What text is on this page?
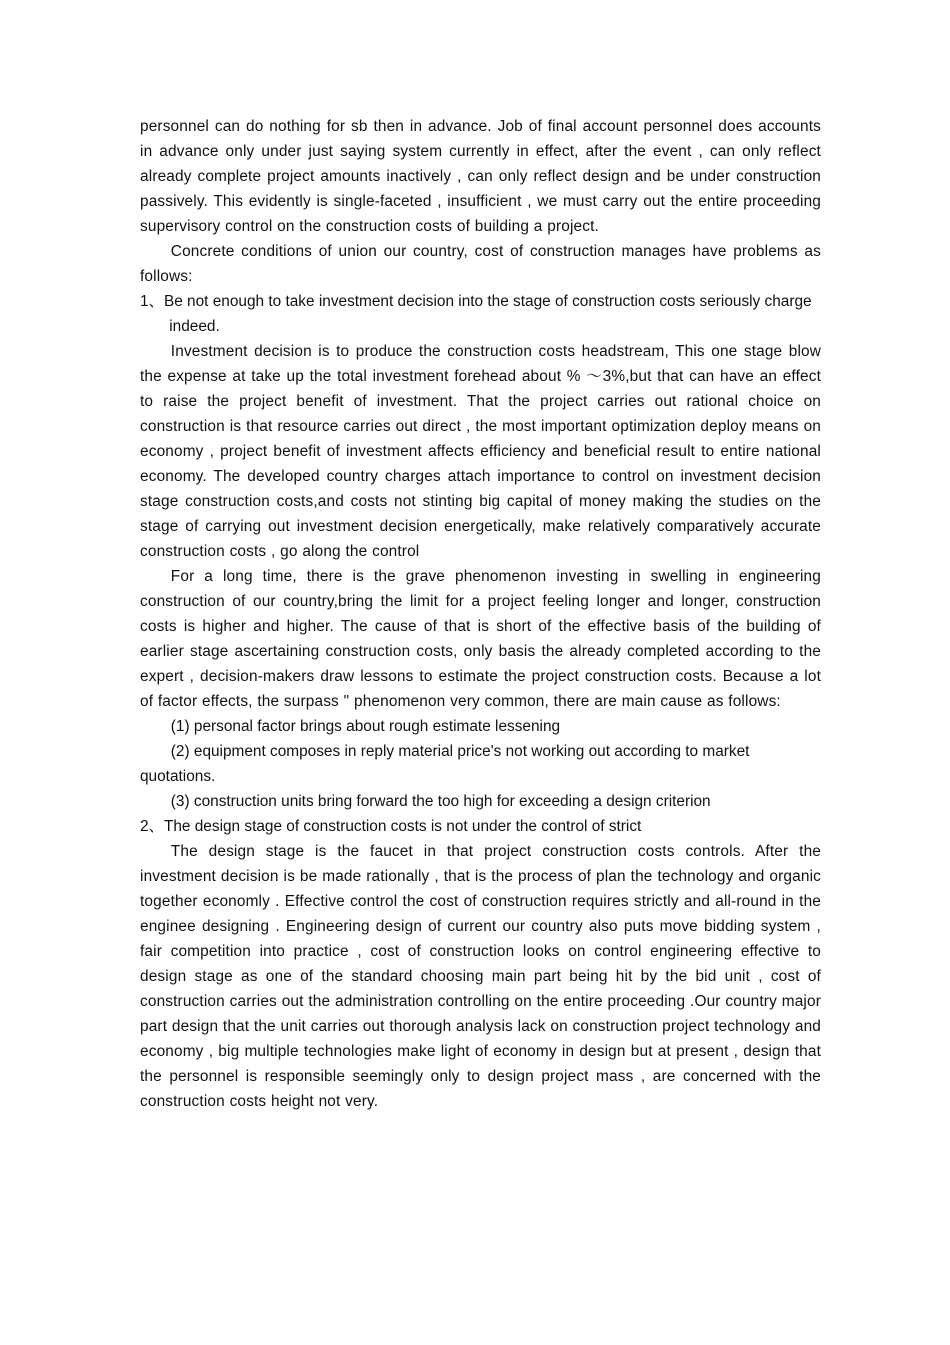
personnel can do nothing for sb then in advance. Job of final account personnel does accounts in advance only under just saying system currently in effect, after the event , can only reflect already complete project amounts inactively , can only reflect design and be under construction passively. This evidently is single-faceted , insufficient , we must carry out the entire proceeding supervisory control on the construction costs of building a project.

Concrete conditions of union our country, cost of construction manages have problems as follows:

1、Be not enough to take investment decision into the stage of construction costs seriously charge indeed.

Investment decision is to produce the construction costs headstream, This one stage blow the expense at take up the total investment forehead about % ～3%,but that can have an effect to raise the project benefit of investment. That the project carries out rational choice on construction is that resource carries out direct , the most important optimization deploy means on economy , project benefit of investment affects efficiency and beneficial result to entire national economy. The developed country charges attach importance to control on investment decision stage construction costs,and costs not stinting big capital of money making the studies on the stage of carrying out investment decision energetically, make relatively comparatively accurate construction costs , go along the control

For a long time, there is the grave phenomenon investing in swelling in engineering construction of our country,bring the limit for a project feeling longer and longer, construction costs is higher and higher. The cause of that is short of the effective basis of the building of earlier stage ascertaining construction costs, only basis the already completed according to the expert , decision-makers draw lessons to estimate the project construction costs. Because a lot of factor effects, the surpass " phenomenon very common, there are main cause as follows:

(1) personal factor brings about rough estimate lessening

(2) equipment composes in reply material price's not working out according to market quotations.

(3) construction units bring forward the too high for exceeding a design criterion

2、The design stage of construction costs is not under the control of strict

The design stage is the faucet in that project construction costs controls. After the investment decision is be made rationally , that is the process of plan the technology and organic together economly . Effective control the cost of construction requires strictly and all-round in the enginee designing . Engineering design of current our country also puts move bidding system , fair competition into practice , cost of construction looks on control engineering effective to design stage as one of the standard choosing main part being hit by the bid unit , cost of construction carries out the administration controlling on the entire proceeding .Our country major part design that the unit carries out thorough analysis lack on construction project technology and economy , big multiple technologies make light of economy in design but at present , design that the personnel is responsible seemingly only to design project mass , are concerned with the construction costs height not very.
